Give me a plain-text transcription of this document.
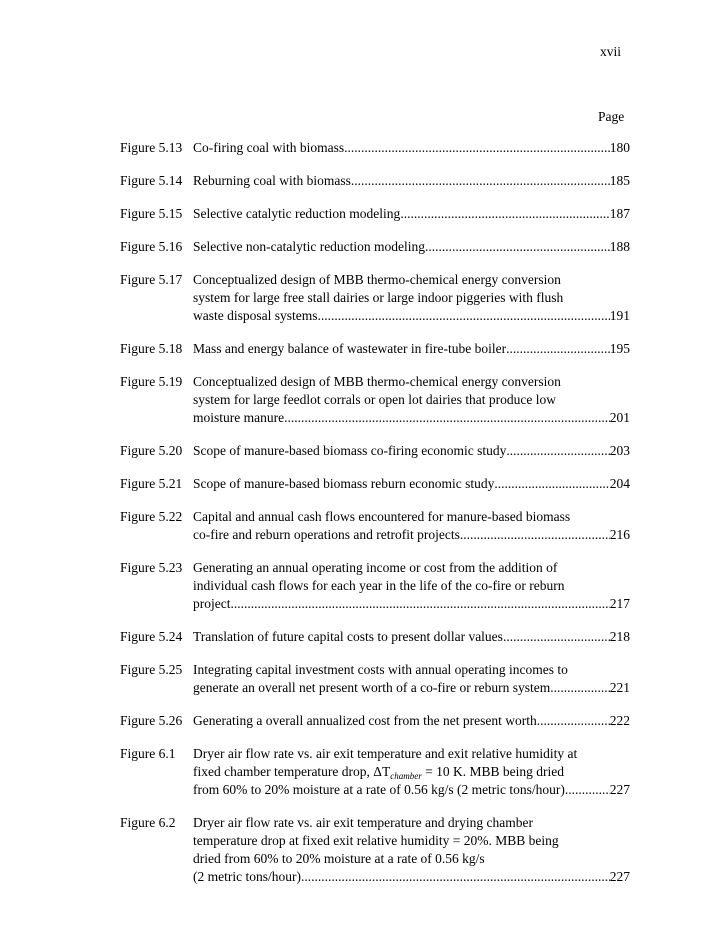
xvii
Page
Figure 5.13 Co-firing coal with biomass .....	180
Figure 5.14 Reburning coal with biomass .....	185
Figure 5.15 Selective catalytic reduction modeling .....	187
Figure 5.16 Selective non-catalytic reduction modeling .....	188
Figure 5.17 Conceptualized design of MBB thermo-chemical energy conversion
system for large free stall dairies or large indoor piggeries with flush
waste disposal systems .....	191
Figure 5.18 Mass and energy balance of wastewater in fire-tube boiler .....	195
Figure 5.19 Conceptualized design of MBB thermo-chemical energy conversion
system for large feedlot corrals or open lot dairies that produce low
moisture manure .....	201
Figure 5.20 Scope of manure-based biomass co-firing economic study .....	203
Figure 5.21 Scope of manure-based biomass reburn economic study .....	204
Figure 5.22 Capital and annual cash flows encountered for manure-based biomass
co-fire and reburn operations and retrofit projects .....	216
Figure 5.23 Generating an annual operating income or cost from the addition of
individual cash flows for each year in the life of the co-fire or reburn
project .....	217
Figure 5.24 Translation of future capital costs to present dollar values .....	218
Figure 5.25 Integrating capital investment costs with annual operating incomes to
generate an overall net present worth of a co-fire or reburn system .....	221
Figure 5.26 Generating a overall annualized cost from the net present worth .....	222
Figure 6.1	Dryer air flow rate vs. air exit temperature and exit relative humidity at
fixed chamber temperature drop, $\Delta T_{chamber} = 10$ K. MBB being dried
from 60% to 20% moisture at a rate of 0.56 kg/s (2 metric tons/hour) .....	227
Figure 6.2	Dryer air flow rate vs. air exit temperature and drying chamber
temperature drop at fixed exit relative humidity = 20%. MBB being
dried from 60% to 20% moisture at a rate of 0.56 kg/s
(2 metric tons/hour) .....	227
